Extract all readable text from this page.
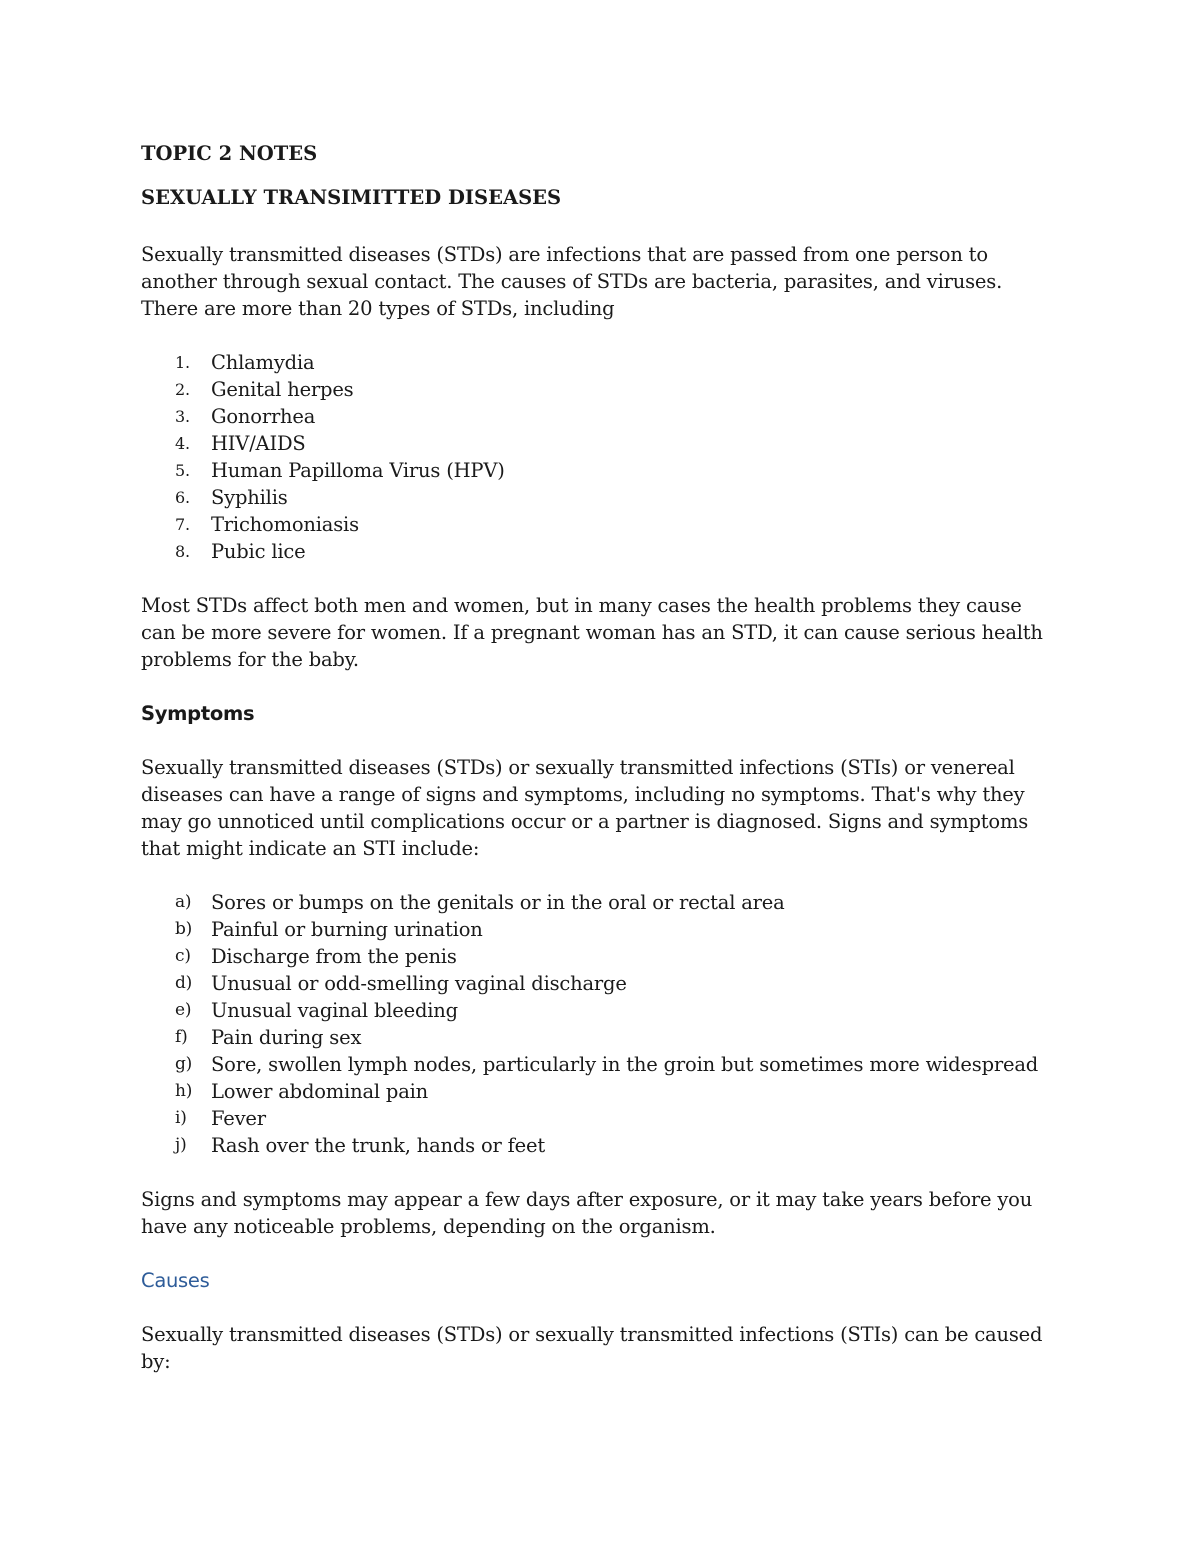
TOPIC 2 NOTES

SEXUALLY TRANSIMITTED DISEASES

Sexually transmitted diseases (STDs) are infections that are passed from one person to another through sexual contact. The causes of STDs are bacteria, parasites, and viruses. There are more than 20 types of STDs, including

1.	Chlamydia
2.	Genital herpes
3.	Gonorrhea
4.	HIV/AIDS
5.	Human Papilloma Virus (HPV)
6.	Syphilis
7.	Trichomoniasis
8.	Pubic lice

Most STDs affect both men and women, but in many cases the health problems they cause can be more severe for women. If a pregnant woman has an STD, it can cause serious health problems for the baby.

Symptoms

Sexually transmitted diseases (STDs) or sexually transmitted infections (STIs) or venereal diseases can have a range of signs and symptoms, including no symptoms. That's why they may go unnoticed until complications occur or a partner is diagnosed. Signs and symptoms that might indicate an STI include:

a)	Sores or bumps on the genitals or in the oral or rectal area
b) Painful or burning urination
c)	Discharge from the penis
d) Unusual or odd-smelling vaginal discharge
e)	Unusual vaginal bleeding
f)	Pain during sex
g) Sore, swollen lymph nodes, particularly in the groin but sometimes more widespread
h) Lower abdominal pain
i)	Fever
j)	Rash over the trunk, hands or feet

Signs and symptoms may appear a few days after exposure, or it may take years before you have any noticeable problems, depending on the organism.

Causes

Sexually transmitted diseases (STDs) or sexually transmitted infections (STIs) can be caused by:
